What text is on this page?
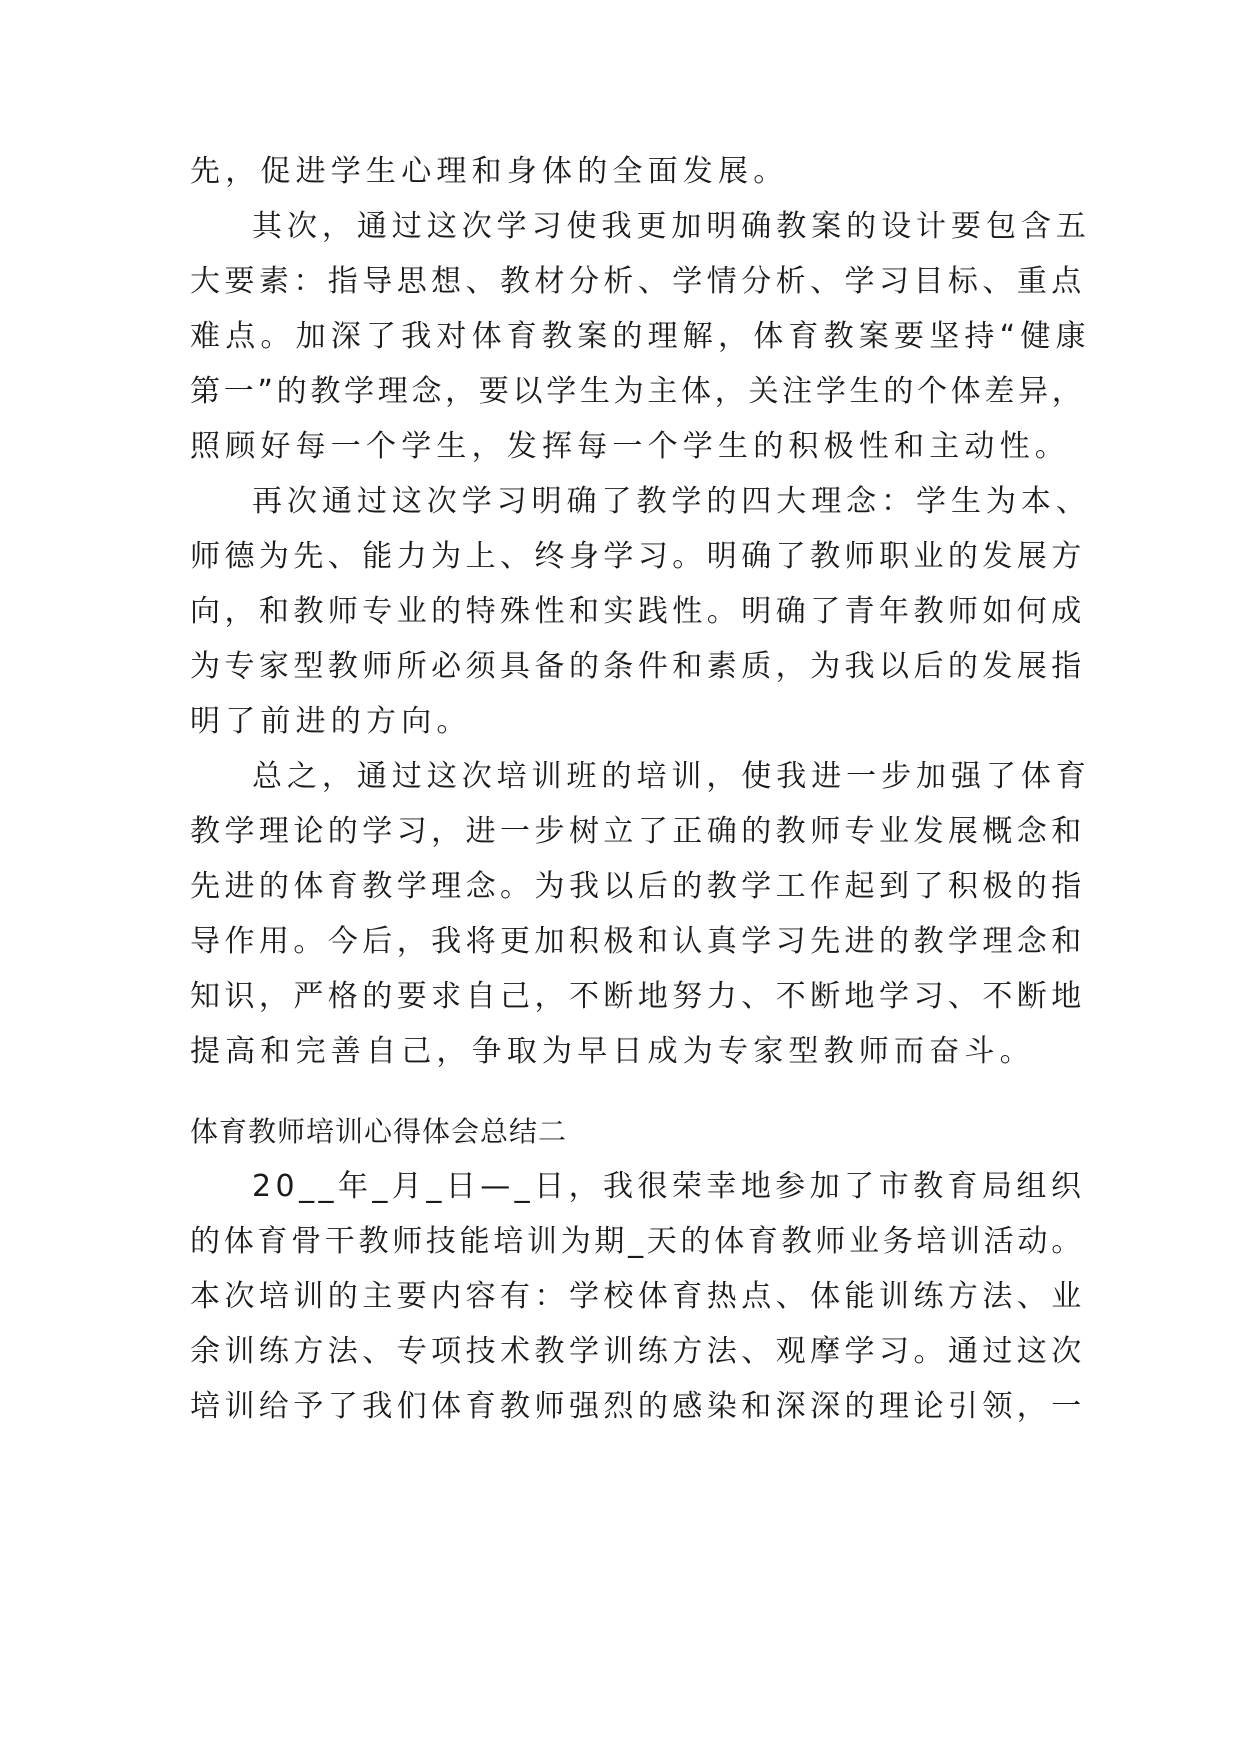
先，促进学生心理和身体的全面发展。

其次，通过这次学习使我更加明确教案的设计要包含五

大要素：指导思想、教材分析、学情分析、学习目标、重点

难点。加深了我对体育教案的理解，体育教案要坚持“健康

第一”的教学理念，要以学生为主体，关注学生的个体差异，

照顾好每一个学生，发挥每一个学生的积极性和主动性。

再次通过这次学习明确了教学的四大理念：学生为本、

师德为先、能力为上、终身学习。明确了教师职业的发展方

向，和教师专业的特殊性和实践性。明确了青年教师如何成

为专家型教师所必须具备的条件和素质，为我以后的发展指

明了前进的方向。

总之，通过这次培训班的培训，使我进一步加强了体育

教学理论的学习，进一步树立了正确的教师专业发展概念和

先进的体育教学理念。为我以后的教学工作起到了积极的指

导作用。今后，我将更加积极和认真学习先进的教学理念和

知识，严格的要求自己，不断地努力、不断地学习、不断地

提高和完善自己，争取为早日成为专家型教师而奋斗。

体育教师培训心得体会总结二

20__年_月_日—_日，我很荣幸地参加了市教育局组织

的体育骨干教师技能培训为期_天的体育教师业务培训活动。

本次培训的主要内容有：学校体育热点、体能训练方法、业

余训练方法、专项技术教学训练方法、观摩学习。通过这次

培训给予了我们体育教师强烈的感染和深深的理论引领，一
